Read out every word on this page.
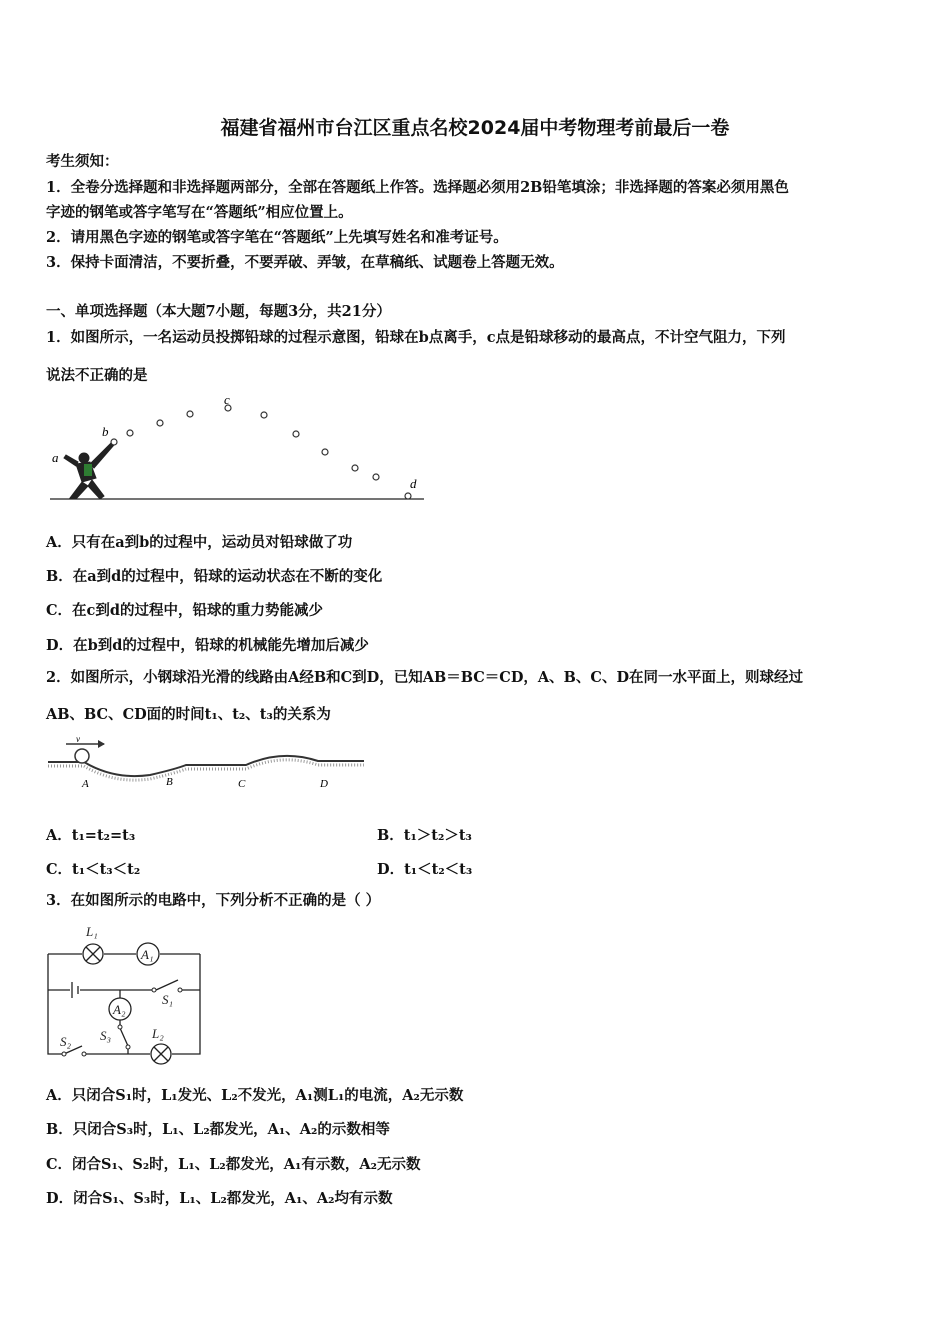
福建省福州市台江区重点名校2024届中考物理考前最后一卷
考生须知：
1．全卷分选择题和非选择题两部分，全部在答题纸上作答。选择题必须用2B铅笔填涂；非选择题的答案必须用黑色
字迹的钢笔或答字笔写在“答题纸”相应位置上。
2．请用黑色字迹的钢笔或答字笔在“答题纸”上先填写姓名和准考证号。
3．保持卡面清洁，不要折叠，不要弄破、弄皱，在草稿纸、试题卷上答题无效。
一、单项选择题（本大题7小题，每题3分，共21分）
1．如图所示，一名运动员投掷铅球的过程示意图，铅球在b点离手，c点是铅球移动的最高点，不计空气阻力，下列
说法不正确的是
a
b
c
d
A．只有在a到b的过程中，运动员对铅球做了功
B．在a到d的过程中，铅球的运动状态在不断的变化
C．在c到d的过程中，铅球的重力势能减少
D．在b到d的过程中，铅球的机械能先增加后减少
2．如图所示，小钢球沿光滑的线路由A经B和C到D，已知AB＝BC＝CD，A、B、C、D在同一水平面上，则球经过
AB、BC、CD面的时间t₁、t₂、t₃的关系为
v
A	B	C	D
A．t₁=t₂=t₃	B．t₁＞t₂＞t₃
C．t₁＜t₃＜t₂	D．t₁＜t₂＜t₃
3．在如图所示的电路中，下列分析不正确的是（ ）
L₁
A₁
S₁
A₂
S₃	L₂
S₂
A．只闭合S₁时，L₁发光、L₂不发光，A₁测L₁的电流，A₂无示数
B．只闭合S₃时，L₁、L₂都发光，A₁、A₂的示数相等
C．闭合S₁、S₂时，L₁、L₂都发光，A₁有示数，A₂无示数
D．闭合S₁、S₃时，L₁、L₂都发光，A₁、A₂均有示数
